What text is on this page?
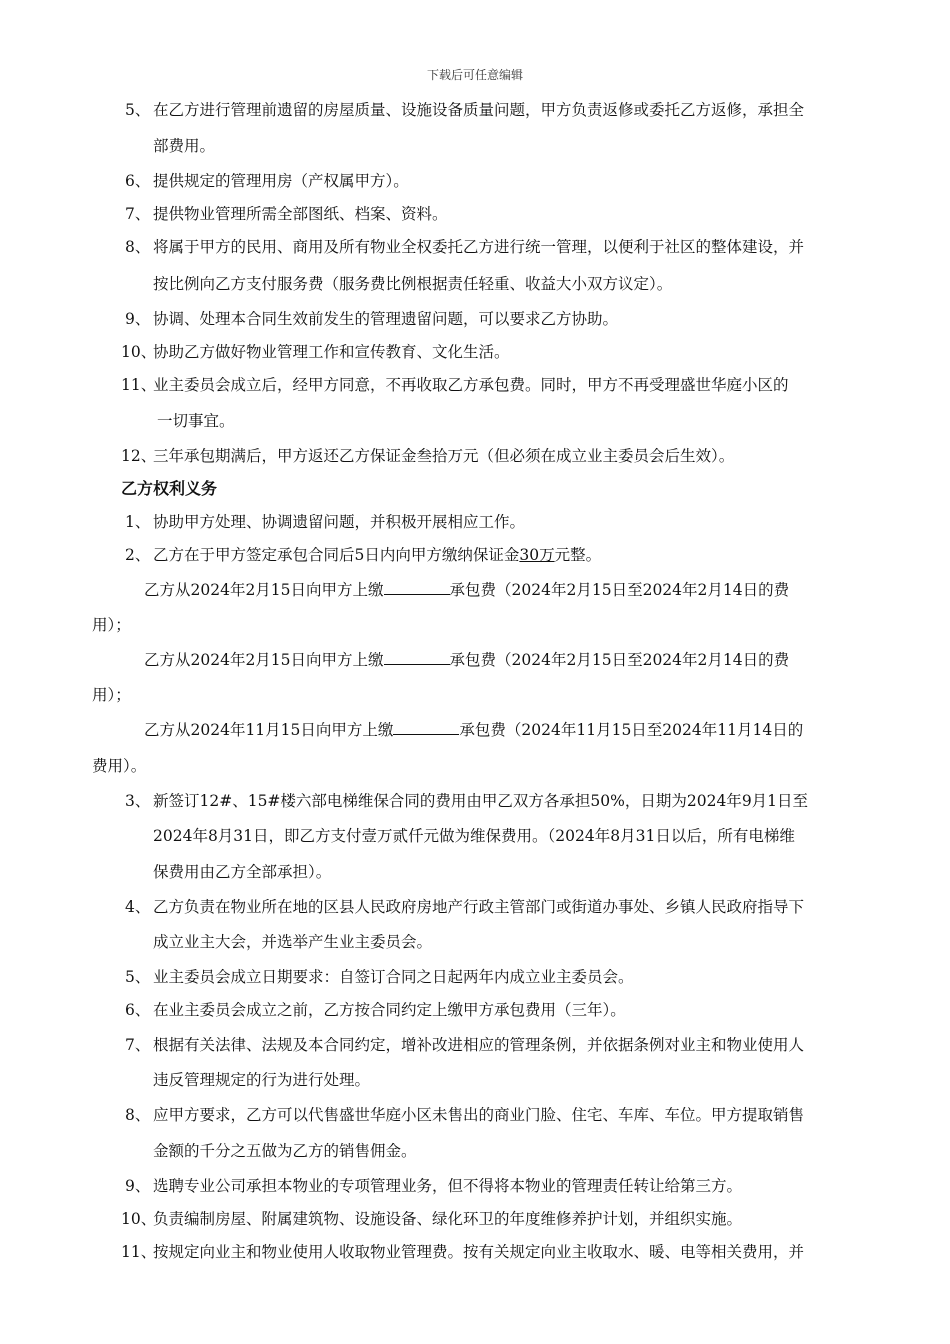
下载后可任意编辑
5、 在乙方进行管理前遗留的房屋质量、设施设备质量问题，甲方负责返修或委托乙方返修，承担全
部费用。
6、 提供规定的管理用房（产权属甲方）。
7、 提供物业管理所需全部图纸、档案、资料。
8、 将属于甲方的民用、商用及所有物业全权委托乙方进行统一管理，以便利于社区的整体建设，并
按比例向乙方支付服务费（服务费比例根据责任轻重、收益大小双方议定）。
9、 协调、处理本合同生效前发生的管理遗留问题，可以要求乙方协助。
10、
协助乙方做好物业管理工作和宣传教育、文化生活。
11、
业主委员会成立后，经甲方同意，不再收取乙方承包费。同时，甲方不再受理盛世华庭小区的
一切事宜。
12、
三年承包期满后，甲方返还乙方保证金叁拾万元（但必须在成立业主委员会后生效）。
乙方权利义务
1、 协助甲方处理、协调遗留问题，并积极开展相应工作。
2、 乙方在于甲方签定承包合同后5日内向甲方缴纳保证金30万元整。
乙方从2024年2月15日向甲方上缴	承包费（2024年2月15日至2024年2月14日的费
用）；
乙方从2024年2月15日向甲方上缴	承包费（2024年2月15日至2024年2月14日的费
用）；
乙方从2024年11月15日向甲方上缴	承包费（2024年11月15日至2024年11月14日的
费用）。
3、 新签订12#、15#楼六部电梯维保合同的费用由甲乙双方各承担50%，日期为2024年9月1日至
2024年8月31日，即乙方支付壹万贰仟元做为维保费用。（2024年8月31日以后，所有电梯维
保费用由乙方全部承担）。
4、 乙方负责在物业所在地的区县人民政府房地产行政主管部门或街道办事处、乡镇人民政府指导下
成立业主大会，并选举产生业主委员会。
5、 业主委员会成立日期要求：自签订合同之日起两年内成立业主委员会。
6、 在业主委员会成立之前，乙方按合同约定上缴甲方承包费用（三年）。
7、 根据有关法律、法规及本合同约定，增补改进相应的管理条例，并依据条例对业主和物业使用人
违反管理规定的行为进行处理。
8、 应甲方要求，乙方可以代售盛世华庭小区未售出的商业门脸、住宅、车库、车位。甲方提取销售
金额的千分之五做为乙方的销售佣金。
9、 选聘专业公司承担本物业的专项管理业务，但不得将本物业的管理责任转让给第三方。
10、
负责编制房屋、附属建筑物、设施设备、绿化环卫的年度维修养护计划，并组织实施。
11、
按规定向业主和物业使用人收取物业管理费。按有关规定向业主收取水、暖、电等相关费用，并
